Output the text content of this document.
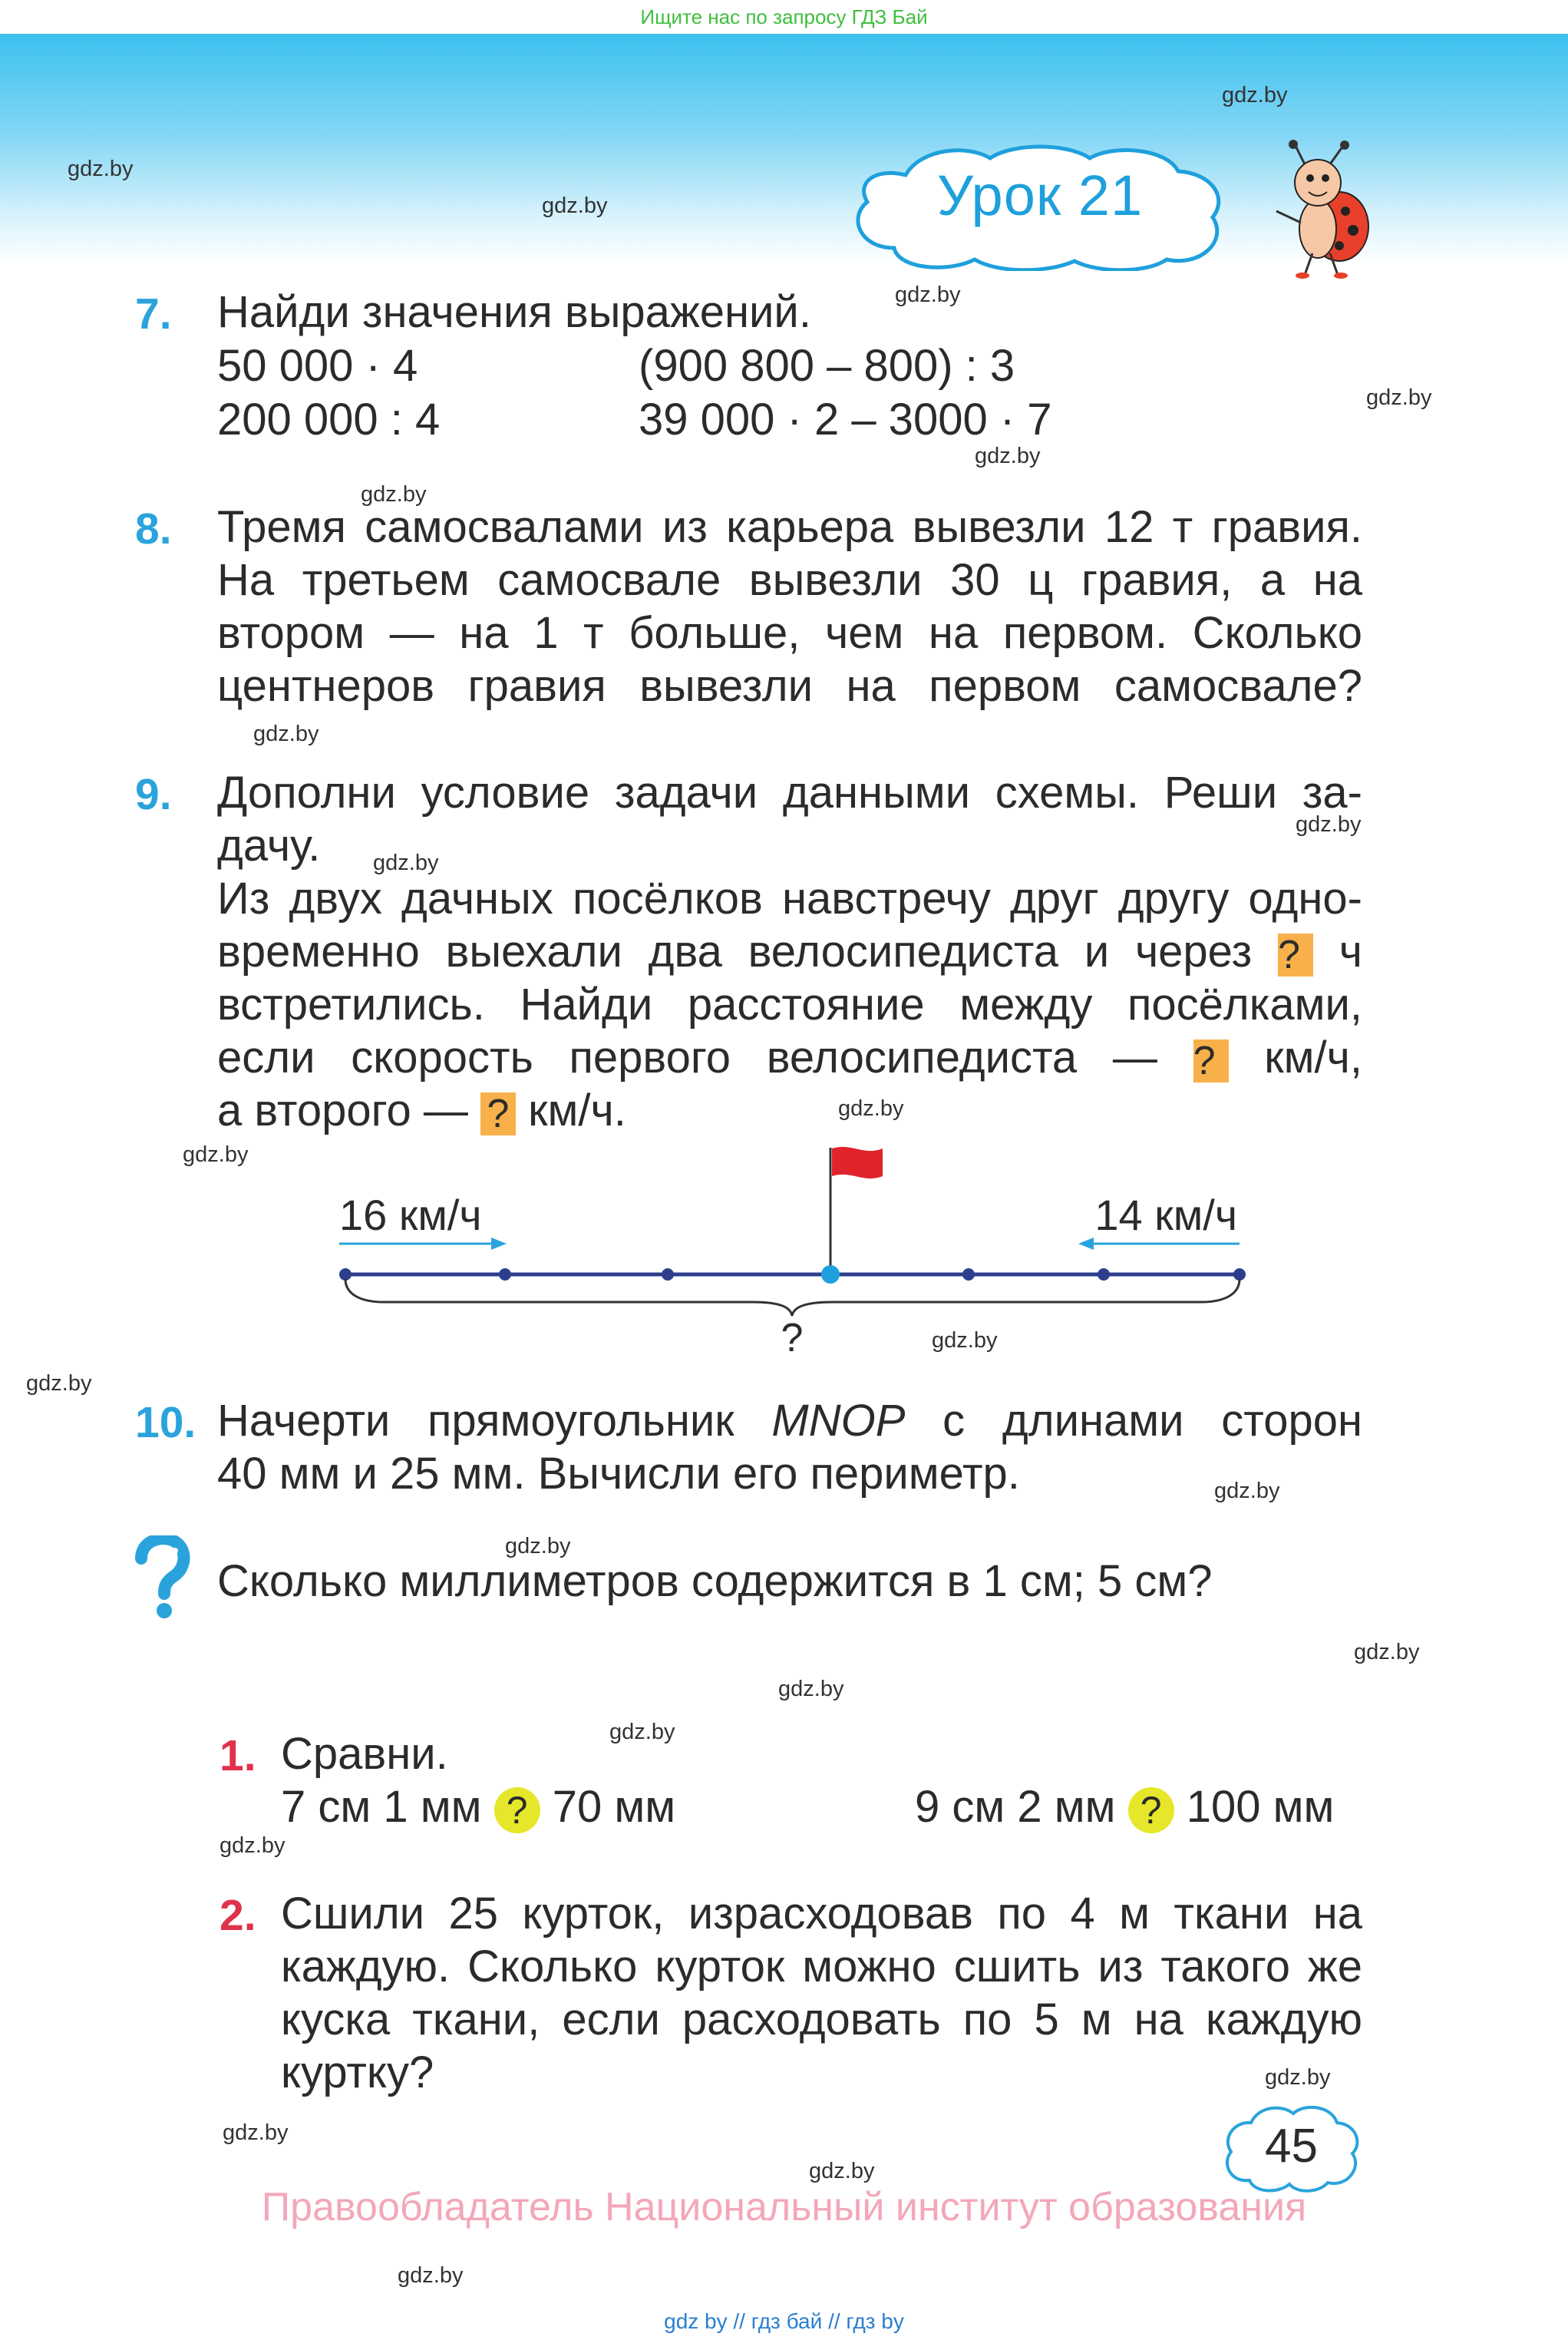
Ищите нас по запросу ГДЗ Бай
gdz.by
gdz.by
gdz.by
gdz.by
gdz.by
gdz.by
gdz.by
gdz.by
gdz.by
gdz.by
gdz.by
gdz.by
gdz.by
gdz.by
gdz.by
gdz.by
gdz.by
gdz.by
gdz.by
gdz.by
gdz.by
gdz.by
gdz.by
gdz.by
Урок 21
7. Найди значения выражений.
50 000 · 4
200 000 : 4
(900 800 – 800) : 3
39 000 · 2 – 3000 · 7
8. Тремя самосвалами из карьера вывезли 12 т гравия.
На третьем самосвале вывезли 30 ц гравия, а на
втором — на 1 т больше, чем на первом. Сколько
центнеров гравия вывезли на первом самосвале?
9. Дополни условие задачи данными схемы. Реши за-
дачу.
Из двух дачных посёлков навстречу друг другу одно-
временно выехали два велосипедиста и через ? ч
встретились. Найди расстояние между посёлками,
если скорость первого велосипедиста — ? км/ч,
а второго — ? км/ч.
16 км/ч	14 км/ч
?
10. Начерти прямоугольник MNOP с длинами сторон
40 мм и 25 мм. Вычисли его периметр.
Сколько миллиметров содержится в 1 см; 5 см?
1. Сравни.
7 см 1 мм ? 70 мм	9 см 2 мм ? 100 мм
2. Сшили 25 курток, израсходовав по 4 м ткани на
каждую. Сколько курток можно сшить из такого же
куска ткани, если расходовать по 5 м на каждую
куртку?
45
Правообладатель Национальный институт образования
gdz by // гдз бай // гдз by
